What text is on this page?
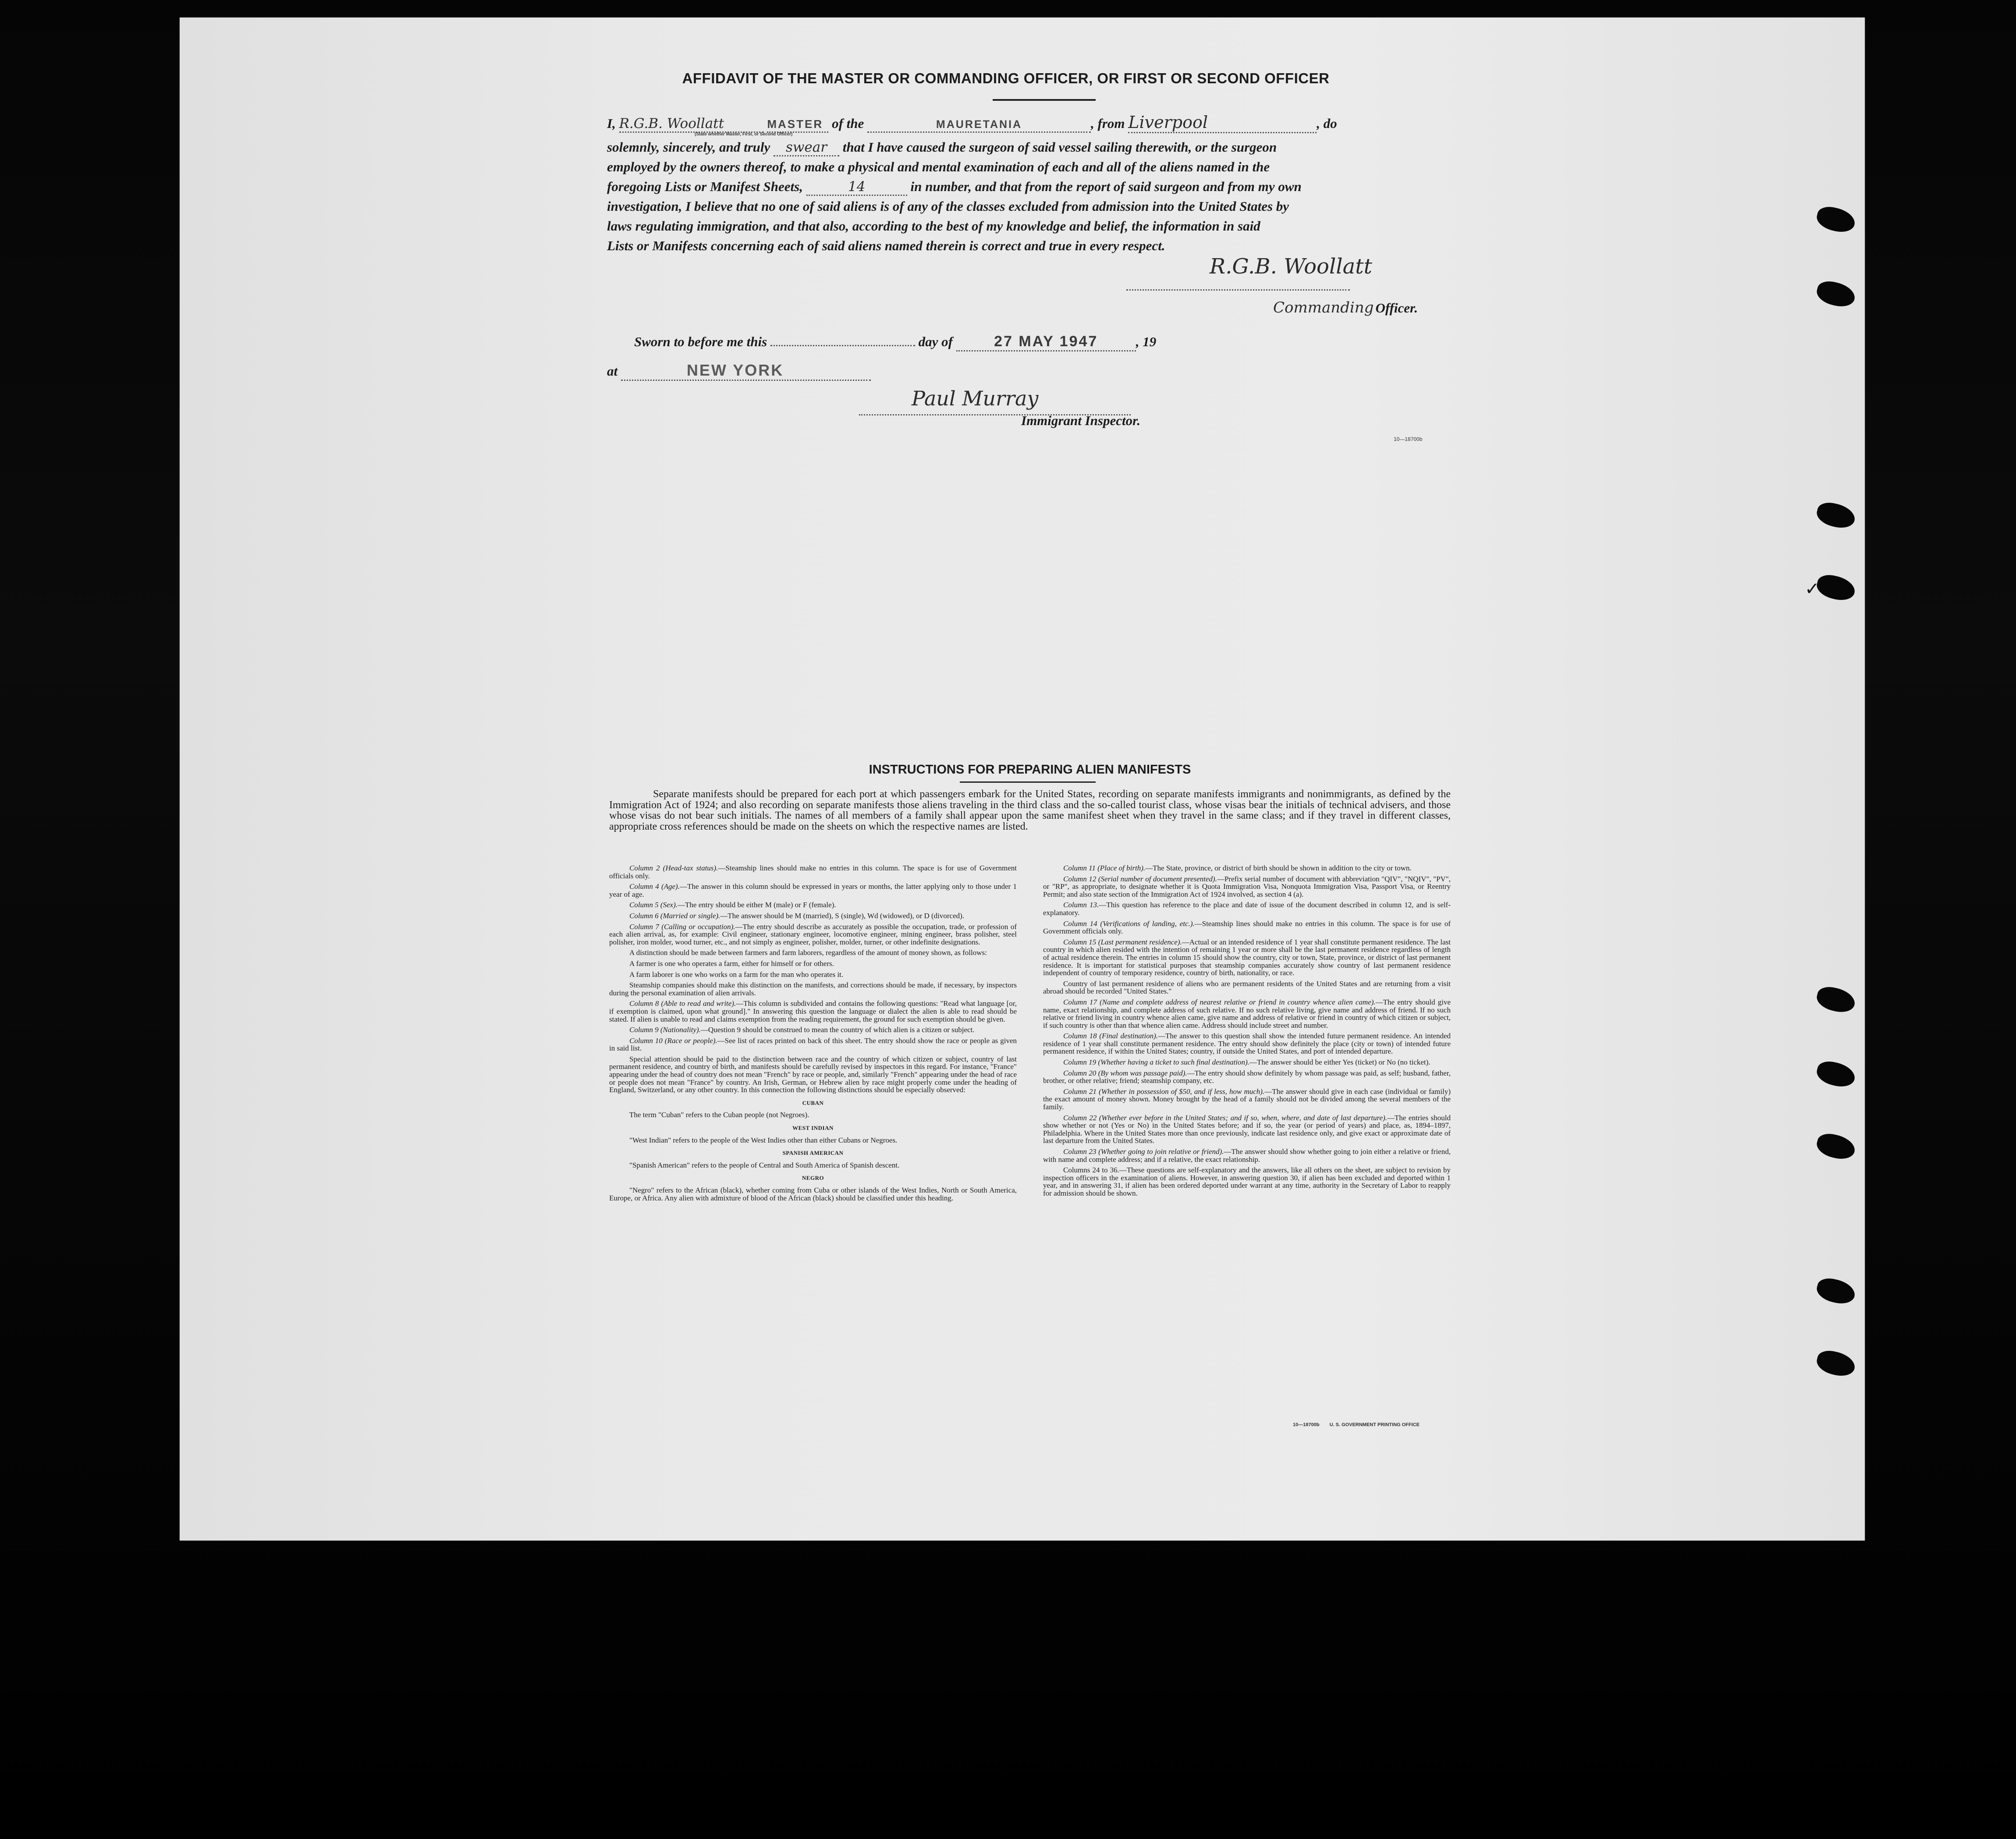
AFFIDAVIT OF THE MASTER OR COMMANDING OFFICER, OR FIRST OR SECOND OFFICER
I, R.G.B. Woollatt	MASTER of the	MAURETANIA	, from Liverpool	, do
(State whether Master, First, or Second Officer)
solemnly, sincerely, and truly swear that I have caused the surgeon of said vessel sailing therewith, or the surgeon
employed by the owners thereof, to make a physical and mental examination of each and all of the aliens named in the
foregoing Lists or Manifest Sheets,	14	in number, and that from the report of said surgeon and from my own
investigation, I believe that no one of said aliens is of any of the classes excluded from admission into the United States by
laws regulating immigration, and that also, according to the best of my knowledge and belief, the information in said
Lists or Manifests concerning each of said aliens named therein is correct and true in every respect.
R.G.B. Woollatt
Commanding Officer.
Sworn to before me this	day of	27 MAY 1947	, 19
at	NEW YORK
Paul Murray
Immigrant Inspector.
10—18700b
INSTRUCTIONS FOR PREPARING ALIEN MANIFESTS
Separate manifests should be prepared for each port at which passengers embark for the United States, recording on separate manifests immigrants and nonimmigrants, as defined by the Immigration Act of 1924; and also recording on separate manifests those aliens traveling in the third class and the so-called tourist class, whose visas bear the initials of technical advisers, and those whose visas do not bear such initials. The names of all members of a family shall appear upon the same manifest sheet when they travel in the same class; and if they travel in different classes, appropriate cross references should be made on the sheets on which the respective names are listed.

Column 2 (Head-tax status).—Steamship lines should make no entries in this column. The space is for use of Government officials only.

Column 4 (Age).—The answer in this column should be expressed in years or months, the latter applying only to those under 1 year of age.

Column 5 (Sex).—The entry should be either M (male) or F (female).

Column 6 (Married or single).—The answer should be M (married), S (single), Wd (widowed), or D (divorced).

Column 7 (Calling or occupation).—The entry should describe as accurately as possible the occupation, trade, or profession of each alien arrival, as, for example: Civil engineer, stationary engineer, locomotive engineer, mining engineer, brass polisher, steel polisher, iron molder, wood turner, etc., and not simply as engineer, polisher, molder, turner, or other indefinite designations.

A distinction should be made between farmers and farm laborers, regardless of the amount of money shown, as follows:

A farmer is one who operates a farm, either for himself or for others.

A farm laborer is one who works on a farm for the man who operates it.

Steamship companies should make this distinction on the manifests, and corrections should be made, if necessary, by inspectors during the personal examination of alien arrivals.

Column 8 (Able to read and write).—This column is subdivided and contains the following questions: "Read what language [or, if exemption is claimed, upon what ground]." In answering this question the language or dialect the alien is able to read should be stated. If alien is unable to read and claims exemption from the reading requirement, the ground for such exemption should be given.

Column 9 (Nationality).—Question 9 should be construed to mean the country of which alien is a citizen or subject.

Column 10 (Race or people).—See list of races printed on back of this sheet. The entry should show the race or people as given in said list.

Special attention should be paid to the distinction between race and the country of which citizen or subject, country of last permanent residence, and country of birth, and manifests should be carefully revised by inspectors in this regard. For instance, "France" appearing under the head of country does not mean "French" by race or people, and, similarly "French" appearing under the head of race or people does not mean "France" by country. An Irish, German, or Hebrew alien by race might properly come under the heading of England, Switzerland, or any other country. In this connection the following distinctions should be especially observed:

CUBAN

The term "Cuban" refers to the Cuban people (not Negroes).

WEST INDIAN

"West Indian" refers to the people of the West Indies other than either Cubans or Negroes.

SPANISH AMERICAN

"Spanish American" refers to the people of Central and South America of Spanish descent.

NEGRO

"Negro" refers to the African (black), whether coming from Cuba or other islands of the West Indies, North or South America, Europe, or Africa. Any alien with admixture of blood of the African (black) should be classified under this heading.

Column 11 (Place of birth).—The State, province, or district of birth should be shown in addition to the city or town.

Column 12 (Serial number of document presented).—Prefix serial number of document with abbreviation "QIV", "NQIV", "PV", or "RP", as appropriate, to designate whether it is Quota Immigration Visa, Nonquota Immigration Visa, Passport Visa, or Reentry Permit; and also state section of the Immigration Act of 1924 involved, as section 4 (a).

Column 13.—This question has reference to the place and date of issue of the document described in column 12, and is self-explanatory.

Column 14 (Verifications of landing, etc.).—Steamship lines should make no entries in this column. The space is for use of Government officials only.

Column 15 (Last permanent residence).—Actual or an intended residence of 1 year shall constitute permanent residence. The last country in which alien resided with the intention of remaining 1 year or more shall be the last permanent residence regardless of length of actual residence therein. The entries in column 15 should show the country, city or town, State, province, or district of last permanent residence. It is important for statistical purposes that steamship companies accurately show country of last permanent residence independent of country of temporary residence, country of birth, nationality, or race.

Country of last permanent residence of aliens who are permanent residents of the United States and are returning from a visit abroad should be recorded "United States."

Column 17 (Name and complete address of nearest relative or friend in country whence alien came).—The entry should give name, exact relationship, and complete address of such relative. If no such relative living, give name and address of friend. If no such relative or friend living in country whence alien came, give name and address of relative or friend in country of which citizen or subject, if such country is other than that whence alien came. Address should include street and number.

Column 18 (Final destination).—The answer to this question shall show the intended future permanent residence. An intended residence of 1 year shall constitute permanent residence. The entry should show definitely the place (city or town) of intended future permanent residence, if within the United States; country, if outside the United States, and port of intended departure.

Column 19 (Whether having a ticket to such final destination).—The answer should be either Yes (ticket) or No (no ticket).

Column 20 (By whom was passage paid).—The entry should show definitely by whom passage was paid, as self; husband, father, brother, or other relative; friend; steamship company, etc.

Column 21 (Whether in possession of $50, and if less, how much).—The answer should give in each case (individual or family) the exact amount of money shown. Money brought by the head of a family should not be divided among the several members of the family.

Column 22 (Whether ever before in the United States; and if so, when, where, and date of last departure).—The entries should show whether or not (Yes or No) in the United States before; and if so, the year (or period of years) and place, as, 1894–1897, Philadelphia. Where in the United States more than once previously, indicate last residence only, and give exact or approximate date of last departure from the United States.

Column 23 (Whether going to join relative or friend).—The answer should show whether going to join either a relative or friend, with name and complete address; and if a relative, the exact relationship.

Columns 24 to 36.—These questions are self-explanatory and the answers, like all others on the sheet, are subject to revision by inspection officers in the examination of aliens. However, in answering question 30, if alien has been excluded and deported within 1 year, and in answering 31, if alien has been ordered deported under warrant at any time, authority in the Secretary of Labor to reapply for admission should be shown.

10—18700b U. S. GOVERNMENT PRINTING OFFICE
✓
